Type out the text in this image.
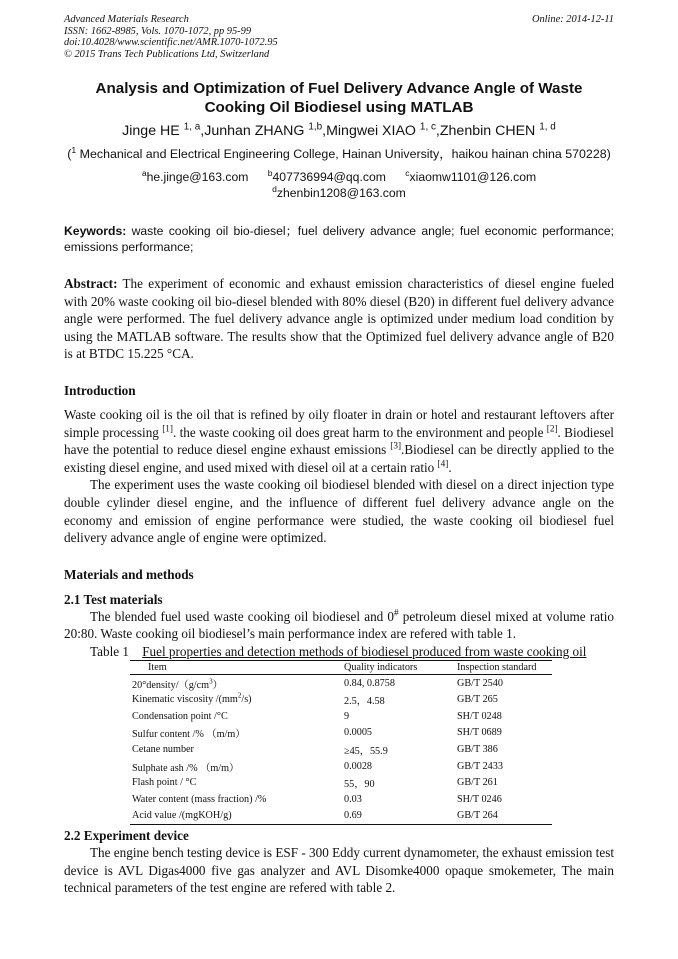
Advanced Materials Research
ISSN: 1662-8985, Vols. 1070-1072, pp 95-99
doi:10.4028/www.scientific.net/AMR.1070-1072.95
© 2015 Trans Tech Publications Ltd, Switzerland
Online: 2014-12-11
Analysis and Optimization of Fuel Delivery Advance Angle of Waste
Cooking Oil Biodiesel using MATLAB
Jinge HE $^{1, a}$,Junhan ZHANG $^{1,b}$,Mingwei XIAO $^{1, c}$,Zhenbin CHEN $^{1, d}$
($^1$ Mechanical and Electrical Engineering College, Hainan University，haikou hainan china 570228)
$^a$he.jinge@163.com $^b$407736994@qq.com $^c$xiaomw1101@126.com
$^d$zhenbin1208@163.com
Keywords: waste cooking oil bio-diesel；fuel delivery advance angle; fuel economic performance; emissions performance;
Abstract: The experiment of economic and exhaust emission characteristics of diesel engine fueled with 20% waste cooking oil bio-diesel blended with 80% diesel (B20) in different fuel delivery advance angle were performed. The fuel delivery advance angle is optimized under medium load condition by using the MATLAB software. The results show that the Optimized fuel delivery advance angle of B20 is at BTDC 15.225 °CA.
Introduction

Waste cooking oil is the oil that is refined by oily floater in drain or hotel and restaurant leftovers after simple processing [1]. the waste cooking oil does great harm to the environment and people [2]. Biodiesel have the potential to reduce diesel engine exhaust emissions [3].Biodiesel can be directly applied to the existing diesel engine, and used mixed with diesel oil at a certain ratio [4].

The experiment uses the waste cooking oil biodiesel blended with diesel on a direct injection type double cylinder diesel engine, and the influence of different fuel delivery advance angle on the economy and emission of engine performance were studied, the waste cooking oil biodiesel fuel delivery advance angle of engine were optimized.

Materials and methods
2.1 Test materials

The blended fuel used waste cooking oil biodiesel and 0# petroleum diesel mixed at volume ratio 20:80. Waste cooking oil biodiesel’s main performance index are refered with table 1.

Table 1 Fuel properties and detection methods of biodiesel produced from waste cooking oil
Item	Quality indicators	Inspection standard
$20^\circ density/(g/cm^3)$	0.84, 0.8758	GB/T 2540
Kinematic viscosity $/(mm^2/s)$	2.5，4.58	GB/T 265
Condensation point /°C	9	SH/T 0248
Sulfur content /% （m/m）	0.0005	SH/T 0689
Cetane number	≥45，55.9	GB/T 386
Sulphate ash /% （m/m）	0.0028	GB/T 2433
Flash point / °C	55，90	GB/T 261
Water content (mass fraction) /%	0.03	SH/T 0246
Acid value /(mgKOH/g)	0.69	GB/T 264
2.2 Experiment device

The engine bench testing device is ESF - 300 Eddy current dynamometer, the exhaust emission test device is AVL Digas4000 five gas analyzer and AVL Disomke4000 opaque smokemeter, The main technical parameters of the test engine are refered with table 2.
